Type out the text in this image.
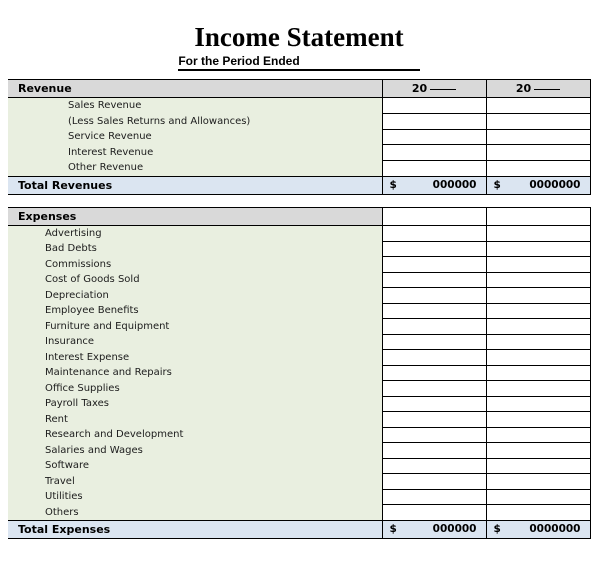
Income Statement
For the Period Ended
Revenue	20	20
Sales Revenue		
(Less Sales Returns and Allowances)		
Service Revenue		
Interest Revenue		
Other Revenue		
Total Revenues	$ 000000	$ 0000000
Expenses		
Advertising		
Bad Debts		
Commissions		
Cost of Goods Sold		
Depreciation		
Employee Benefits		
Furniture and Equipment		
Insurance		
Interest Expense		
Maintenance and Repairs		
Office Supplies		
Payroll Taxes		
Rent		
Research and Development		
Salaries and Wages		
Software		
Travel		
Utilities		
Others		
Total Expenses	$ 000000	$ 0000000
